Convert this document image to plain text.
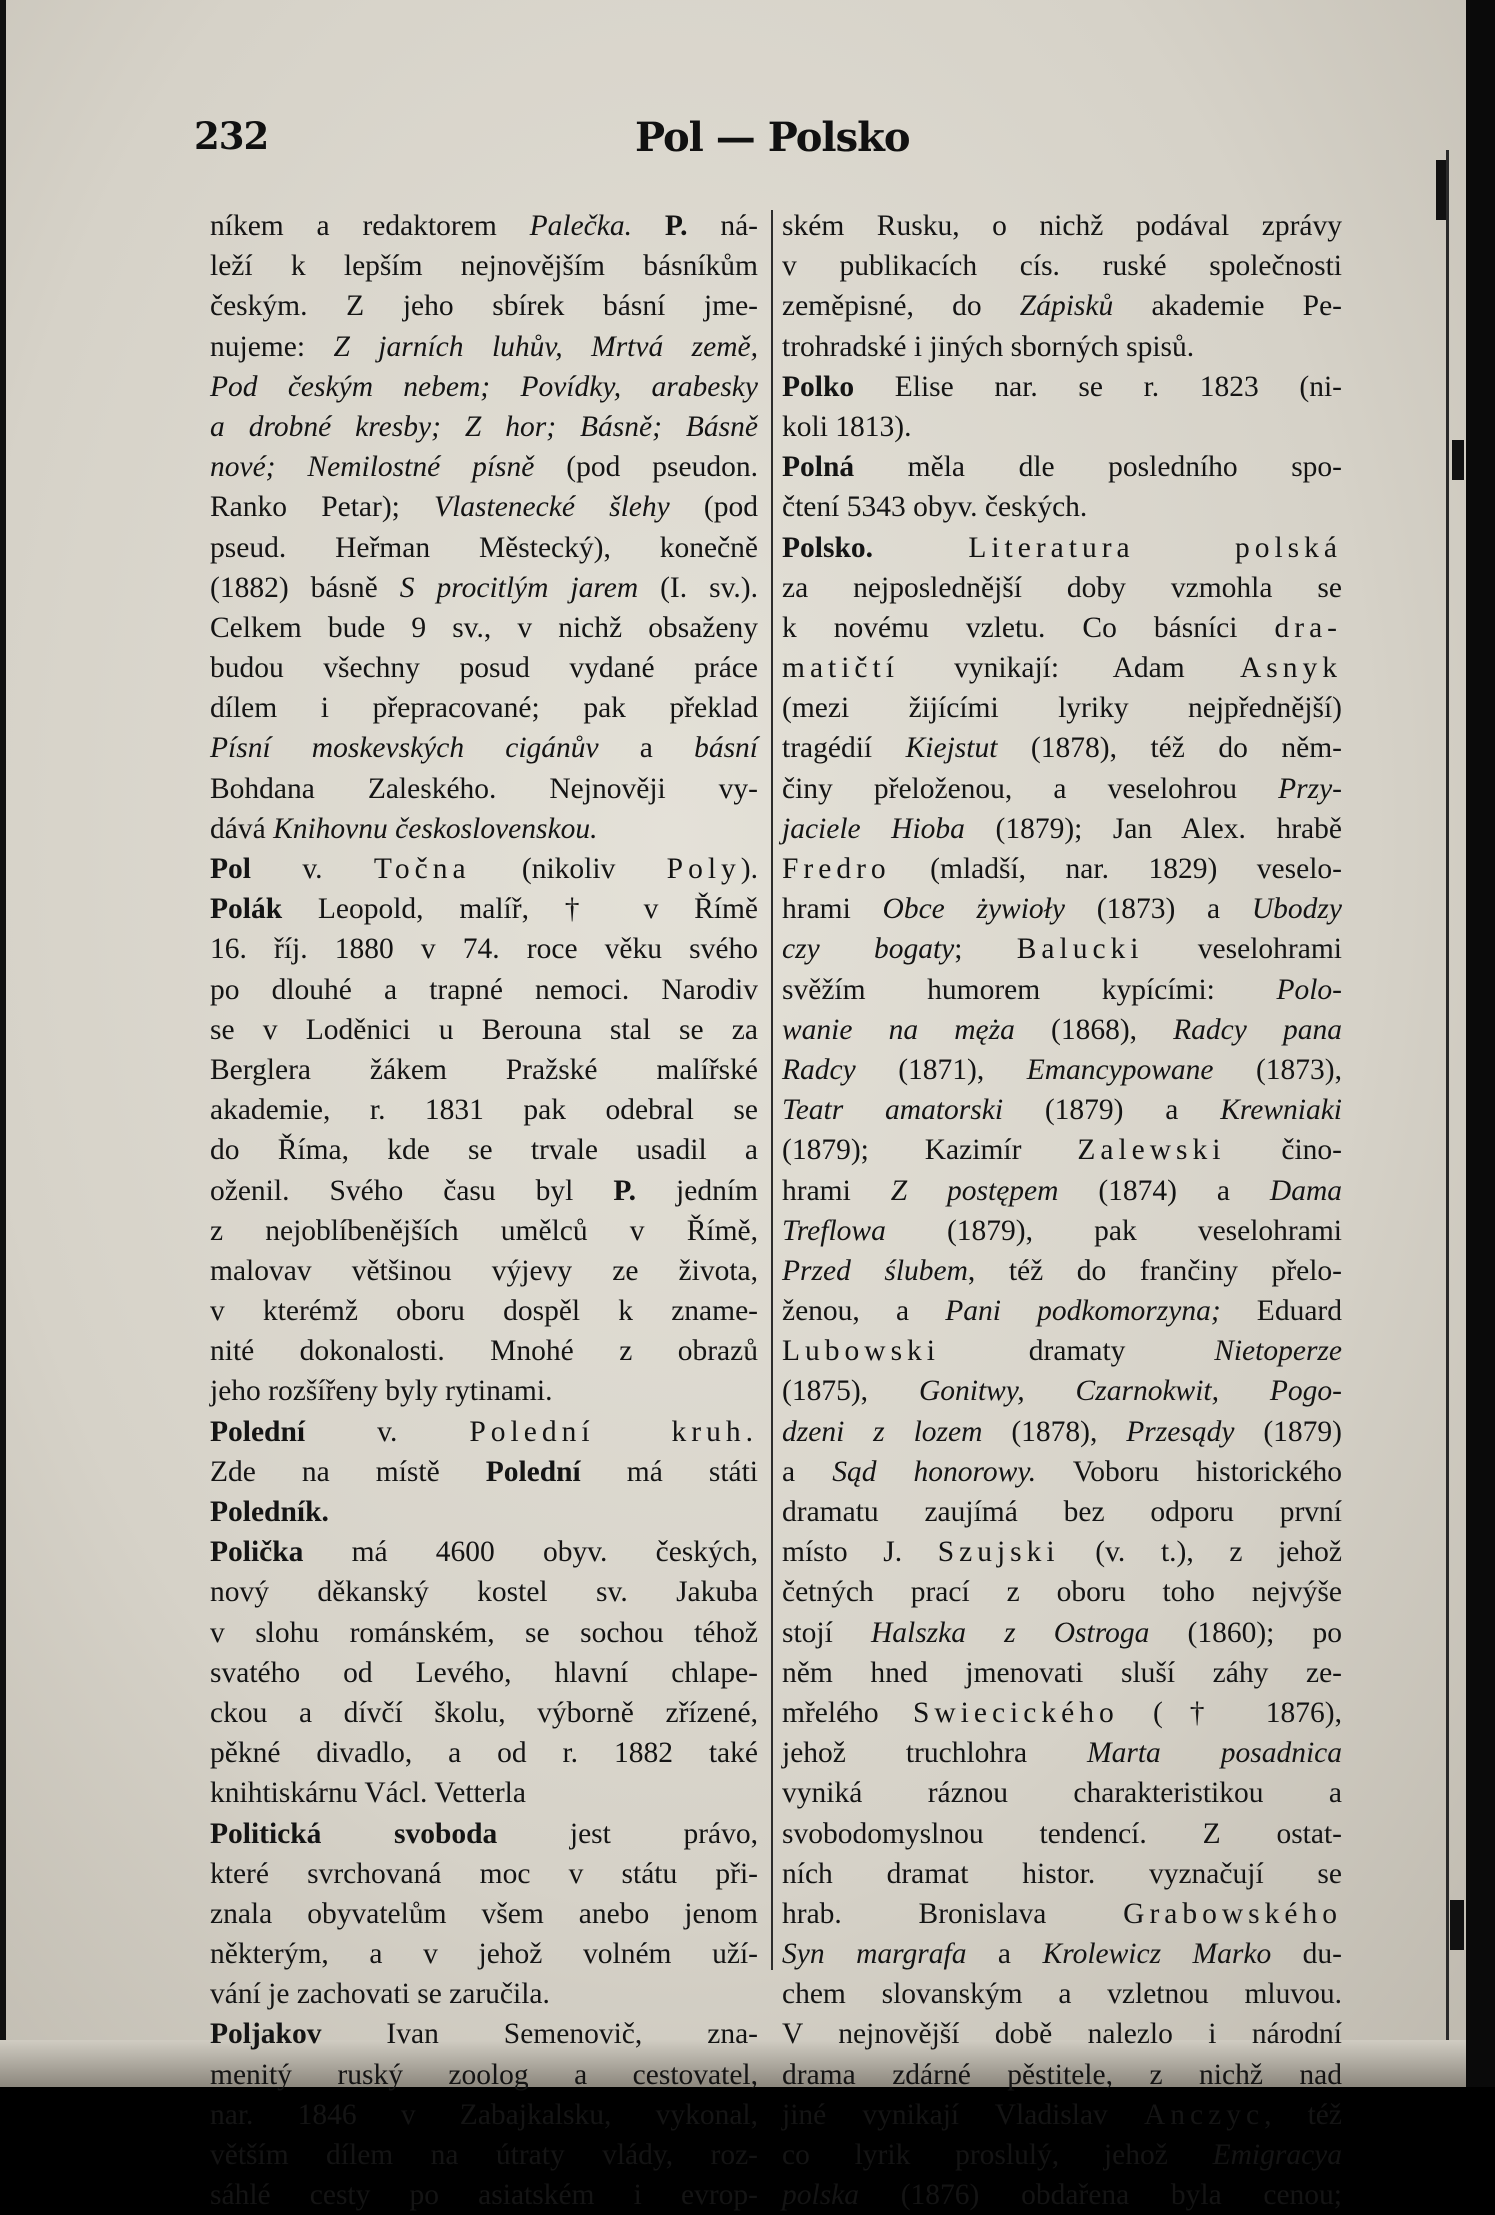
232	Pol — Polsko
níkem a redaktorem Palečka. P. ná-
leží k lepším nejnovějším básníkům
českým. Z jeho sbírek básní jme-
nujeme: Z jarních luhův, Mrtvá země,
Pod českým nebem; Povídky, arabesky
a drobné kresby; Z hor; Básně; Básně
nové; Nemilostné písně (pod pseudon.
Ranko Petar); Vlastenecké šlehy (pod
pseud. Heřman Městecký), konečně
(1882) básně S procitlým jarem (I. sv.).
Celkem bude 9 sv., v nichž obsaženy
budou všechny posud vydané práce
dílem i přepracované; pak překlad
Písní moskevských cigánův a básní
Bohdana Zaleského. Nejnověji vy-
dává Knihovnu československou.
Pol v. Točna (nikoliv Poly).
Polák Leopold, malíř, † v Římě
16. říj. 1880 v 74. roce věku svého
po dlouhé a trapné nemoci. Narodiv
se v Loděnici u Berouna stal se za
Berglera žákem Pražské malířské
akademie, r. 1831 pak odebral se
do Říma, kde se trvale usadil a
oženil. Svého času byl P. jedním
z nejoblíbenějších umělců v Římě,
malovav většinou výjevy ze života,
v kterémž oboru dospěl k zname-
nité dokonalosti. Mnohé z obrazů
jeho rozšířeny byly rytinami.
Polední v. Polední kruh.
Zde na místě Polední má státi
Poledník.
Polička má 4600 obyv. českých,
nový děkanský kostel sv. Jakuba
v slohu románském, se sochou téhož
svatého od Levého, hlavní chlape-
ckou a dívčí školu, výborně zřízené,
pěkné divadlo, a od r. 1882 také
knihtiskárnu Václ. Vetterla
Politická svoboda jest právo,
které svrchovaná moc v státu při-
znala obyvatelům všem anebo jenom
některým, a v jehož volném uží-
vání je zachovati se zaručila.
Poljakov Ivan Semenovič, zna-
menitý ruský zoolog a cestovatel,
nar. 1846 v Zabajkalsku, vykonal,
větším dílem na útraty vlády, roz-
sáhlé cesty po asiatském i evrop-
ském Rusku, o nichž podával zprávy
v publikacích cís. ruské společnosti
zeměpisné, do Zápisků akademie Pe-
trohradské i jiných sborných spisů.
Polko Elise nar. se r. 1823 (ni-
koli 1813).
Polná měla dle posledního spo-
čtení 5343 obyv. českých.
Polsko.	Literatura polská
za nejposlednější doby vzmohla se
k novému vzletu. Co básníci dra-
matičtí vynikají: Adam Asnyk
(mezi žijícími lyriky nejpřednější)
tragédií Kiejstut (1878), též do něm-
činy přeloženou, a veselohrou Przy-
jaciele Hioba (1879); Jan Alex. hrabě
Fredro (mladší, nar. 1829) veselo-
hrami Obce żywioły (1873) a Ubodzy
czy bogaty; Balucki veselohrami
svěžím humorem kypícími: Polo-
wanie na męża (1868), Radcy pana
Radcy (1871), Emancypowane (1873),
Teatr amatorski (1879) a Krewniaki
(1879); Kazimír Zalewski čino-
hrami Z postępem (1874) a Dama
Treflowa (1879), pak veselohrami
Przed ślubem, též do frančiny přelo-
ženou, a Pani podkomorzyna; Eduard
Lubowski dramaty Nietoperze
(1875), Gonitwy, Czarnokwit, Pogo-
dzeni z lozem (1878), Przesądy (1879)
a Sąd honorowy. Voboru historického
dramatu zaujímá bez odporu první
místo J. Szujski (v. t.), z jehož
četných prací z oboru toho nejvýše
stojí Halszka z Ostroga (1860); po
něm hned jmenovati sluší záhy ze-
mřelého Swiecického († 1876),
jehož truchlohra Marta posadnica
vyniká ráznou charakteristikou a
svobodomyslnou tendencí. Z ostat-
ních dramat histor. vyznačují se
hrab. Bronislava Grabowského
Syn margrafa a Krolewicz Marko du-
chem slovanským a vzletnou mluvou.
V nejnovější době nalezlo i národní
drama zdárné pěstitele, z nichž nad
jiné vynikají Vladislav Anczyc, též
co lyrik proslulý, jehož Emigracya
polska (1876) obdařena byla cenou;
